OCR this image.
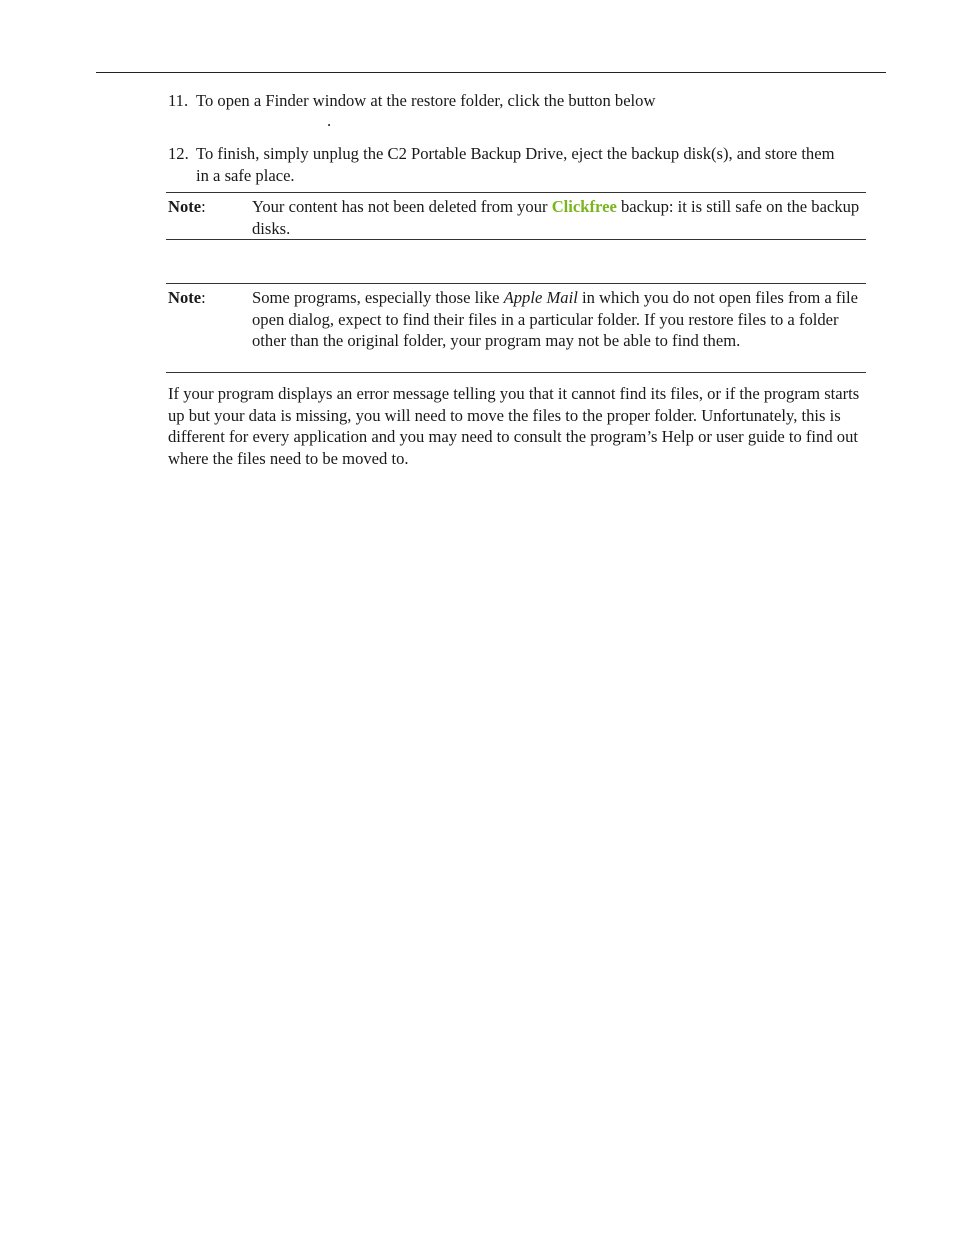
11. To open a Finder window at the restore folder, click the button below
.
12. To finish, simply unplug the C2 Portable Backup Drive, eject the backup disk(s), and store them in a safe place.
Note:	Your content has not been deleted from your Clickfree backup: it is still safe on the backup disks.
Note:	Some programs, especially those like Apple Mail in which you do not open files from a file open dialog, expect to find their files in a particular folder. If you restore files to a folder other than the original folder, your program may not be able to find them.
If your program displays an error message telling you that it cannot find its files, or if the program starts up but your data is missing, you will need to move the files to the proper folder. Unfortunately, this is different for every application and you may need to consult the program’s Help or user guide to find out where the files need to be moved to.
